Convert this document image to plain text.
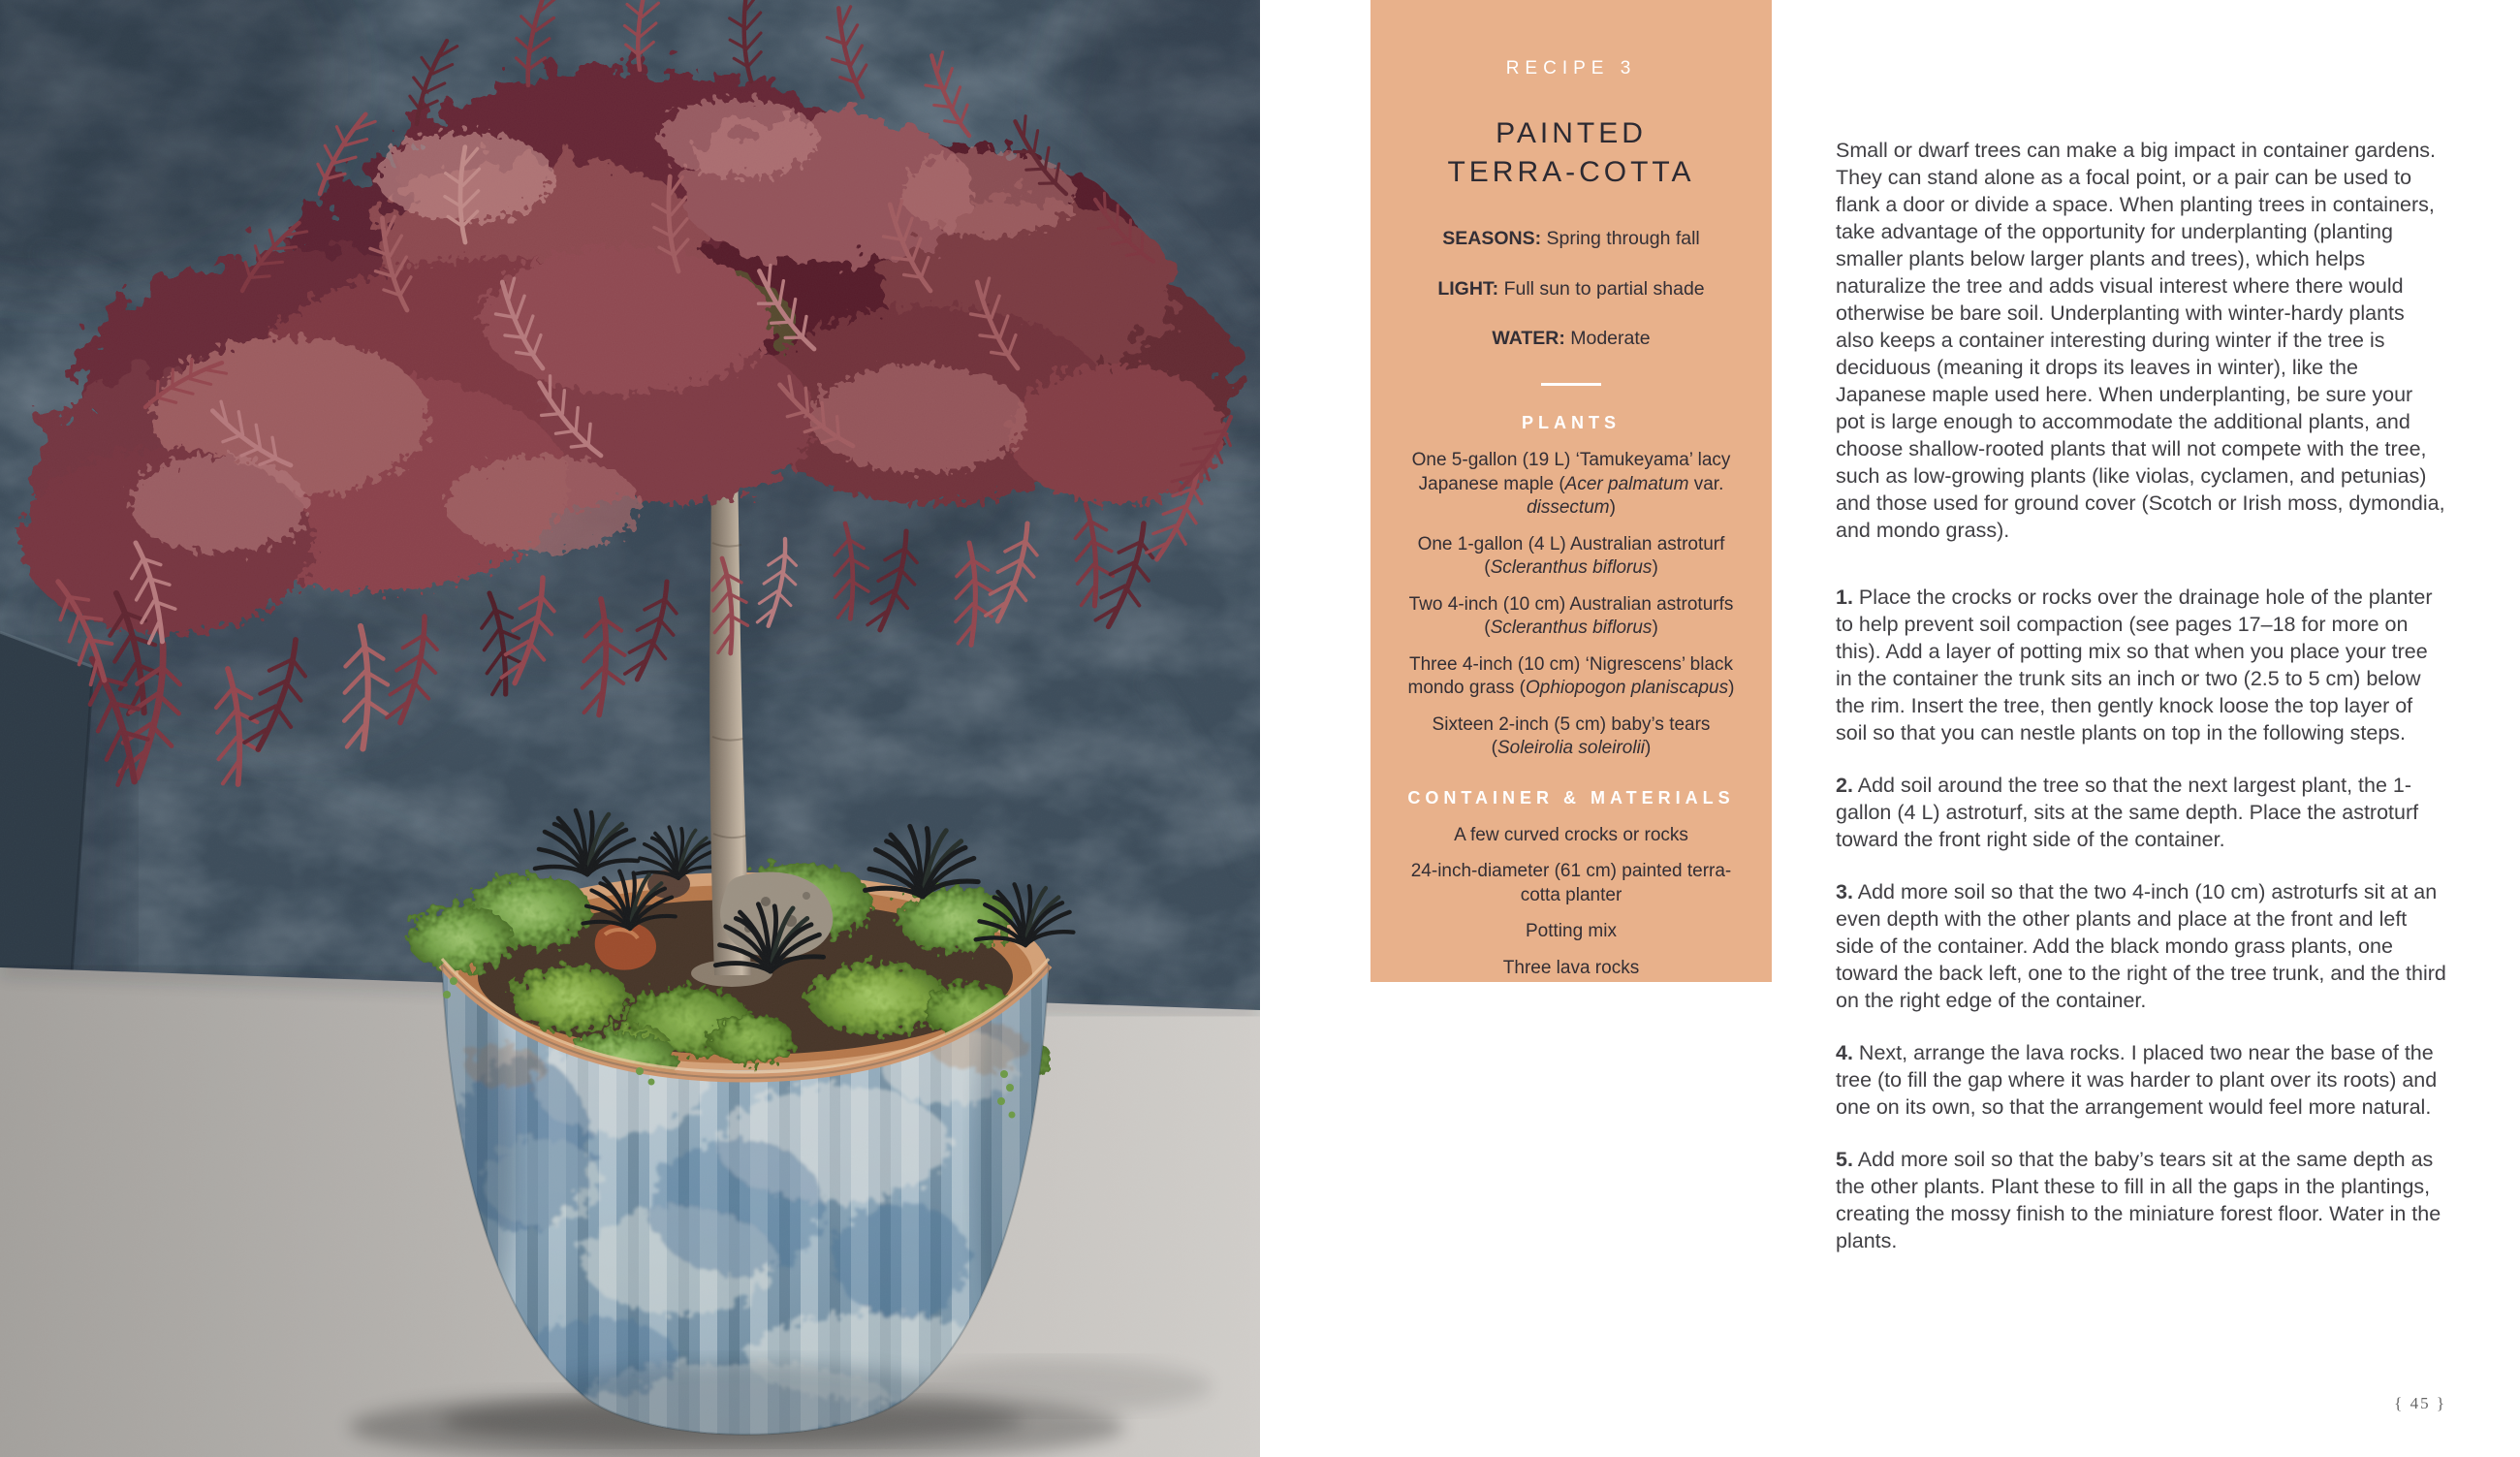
RECIPE 3
PAINTED
TERRA-COTTA

SEASONS: Spring through fall

LIGHT: Full sun to partial shade

WATER: Moderate

PLANTS

One 5-gallon (19 L) ‘Tamukeyama’ lacy Japanese maple (Acer palmatum var. dissectum)

One 1-gallon (4 L) Australian astroturf (Scleranthus biflorus)

Two 4-inch (10 cm) Australian astroturfs (Scleranthus biflorus)

Three 4-inch (10 cm) ‘Nigrescens’ black mondo grass (Ophiopogon planiscapus)

Sixteen 2-inch (5 cm) baby’s tears (Soleirolia soleirolii)

CONTAINER & MATERIALS

A few curved crocks or rocks

24-inch-diameter (61 cm) painted terra-cotta planter

Potting mix

Three lava rocks

Small or dwarf trees can make a big impact in container gardens. They can stand alone as a focal point, or a pair can be used to flank a door or divide a space. When planting trees in containers, take advantage of the opportunity for underplanting (planting smaller plants below larger plants and trees), which helps naturalize the tree and adds visual interest where there would otherwise be bare soil. Underplanting with winter-hardy plants also keeps a container interesting during winter if the tree is deciduous (meaning it drops its leaves in winter), like the Japanese maple used here. When underplanting, be sure your pot is large enough to accommodate the additional plants, and choose shallow-rooted plants that will not compete with the tree, such as low-growing plants (like violas, cyclamen, and petunias) and those used for ground cover (Scotch or Irish moss, dymondia, and mondo grass).

1. Place the crocks or rocks over the drainage hole of the planter to help prevent soil compaction (see pages 17–18 for more on this). Add a layer of potting mix so that when you place your tree in the container the trunk sits an inch or two (2.5 to 5 cm) below the rim. Insert the tree, then gently knock loose the top layer of soil so that you can nestle plants on top in the following steps.

2. Add soil around the tree so that the next largest plant, the 1-gallon (4 L) astroturf, sits at the same depth. Place the astroturf toward the front right side of the container.

3. Add more soil so that the two 4-inch (10 cm) astroturfs sit at an even depth with the other plants and place at the front and left side of the container. Add the black mondo grass plants, one toward the back left, one to the right of the tree trunk, and the third on the right edge of the container.

4. Next, arrange the lava rocks. I placed two near the base of the tree (to fill the gap where it was harder to plant over its roots) and one on its own, so that the arrangement would feel more natural.

5. Add more soil so that the baby’s tears sit at the same depth as the other plants. Plant these to fill in all the gaps in the plantings, creating the mossy finish to the miniature forest floor. Water in the plants.

{ 45 }
